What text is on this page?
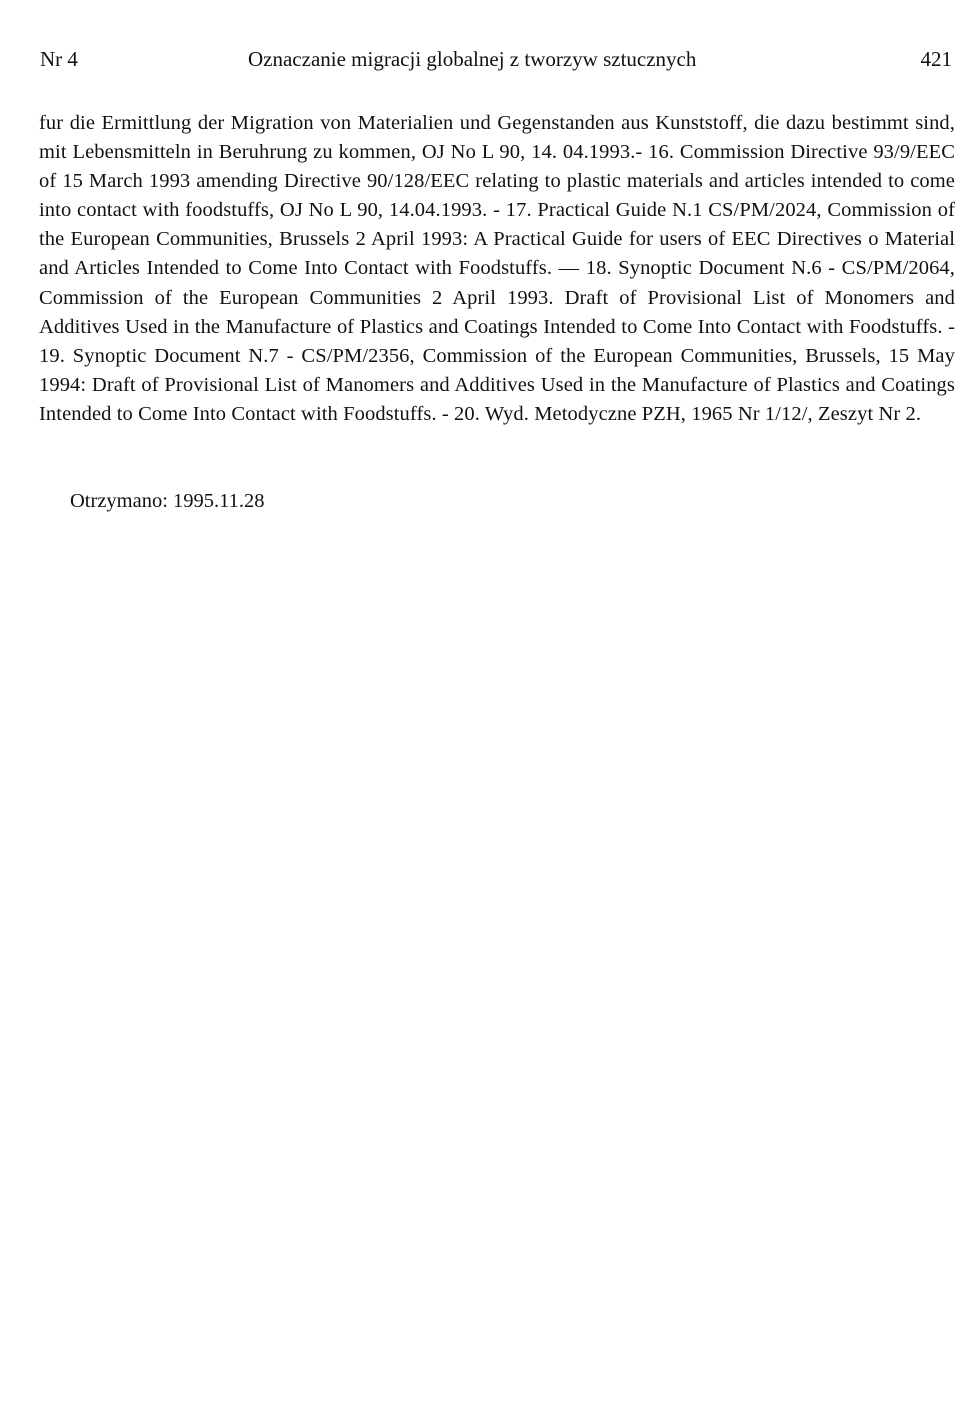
Nr 4	Oznaczanie migracji globalnej z tworzyw sztucznych	421

fur die Ermittlung der Migration von Materialien und Gegenstanden aus Kunststoff, die dazu bestimmt sind, mit Lebensmitteln in Beruhrung zu kommen, OJ No L 90, 14. 04.1993.- 16. Commission Directive 93/9/EEC of 15 March 1993 amending Directive 90/128/EEC relating to plastic materials and articles intended to come into contact with foodstuffs, OJ No L 90, 14.04.1993. - 17. Practical Guide N.1 CS/PM/2024, Commission of the European Communities, Brussels 2 April 1993: A Practical Guide for users of EEC Directives o Material and Articles Intended to Come Into Contact with Foodstuffs. — 18. Synoptic Document N.6 - CS/PM/2064, Commission of the European Communities 2 April 1993. Draft of Provisional List of Monomers and Additives Used in the Manufacture of Plastics and Coatings Intended to Come Into Contact with Foodstuffs. - 19. Synoptic Document N.7 - CS/PM/2356, Commission of the European Communities, Brussels, 15 May 1994: Draft of Provisional List of Manomers and Additives Used in the Manufacture of Plastics and Coatings Intended to Come Into Contact with Foodstuffs. - 20. Wyd. Metodyczne PZH, 1965 Nr 1/12/, Zeszyt Nr 2.

Otrzymano: 1995.11.28
